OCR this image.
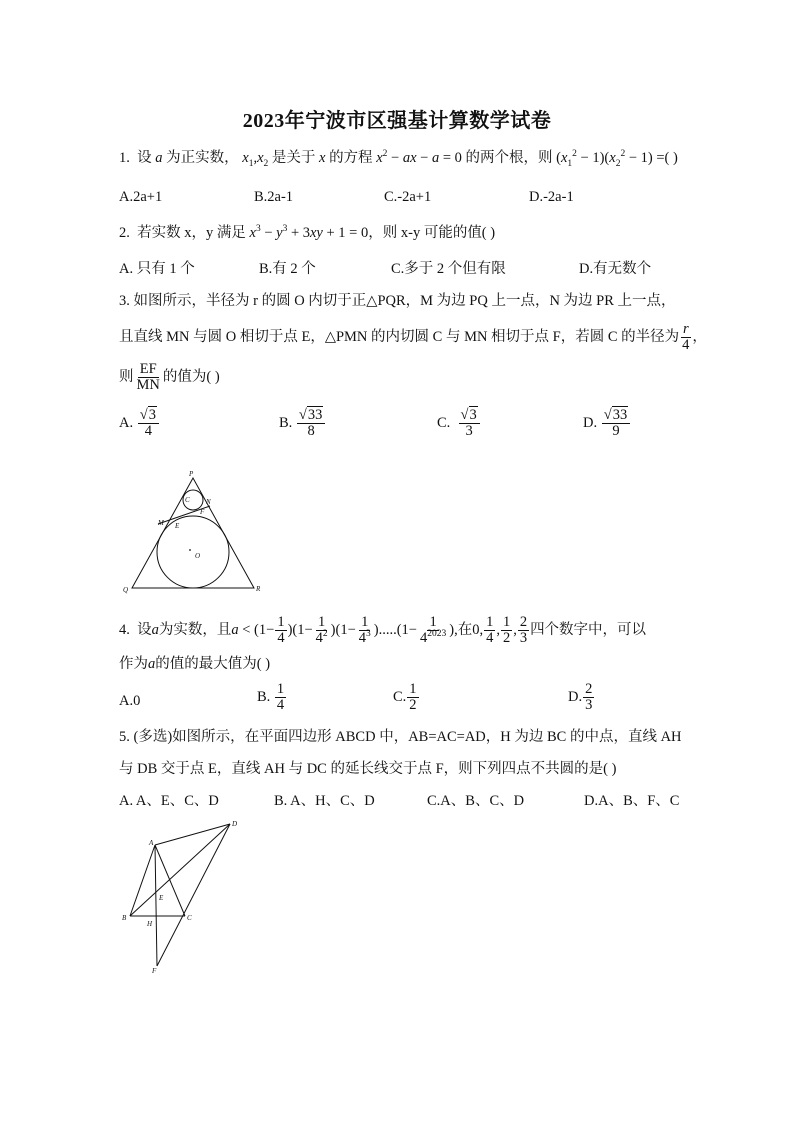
2023年宁波市区强基计算数学试卷
1. 设 a 为正实数， $x_1,x_2$ 是关于 x 的方程 $x^2$ − ax − a = 0 的两个根，则 $(x_1^2 - 1)(x_2^2 - 1)$ =( )
A.2a+1	B.2a-1	C.-2a+1	D.-2a-1
2. 若实数 x，y 满足 $x^3 - y^3 + 3xy + 1 = 0$，则 x-y 可能的值( )
A. 只有 1 个	B.有 2 个	C.多于 2 个但有限	D.有无数个
3. 如图所示，半径为 r 的圆 O 内切于正△PQR，M 为边 PQ 上一点，N 为边 PR 上一点，
且直线 MN 与圆 O 相切于点 E，△PMN 的内切圆 C 与 MN 相切于点 F，若圆 C 的半径为 $\frac{r}{4}$ ，
则 $\frac{EF}{MN}$ 的值为( )
A. $\frac{√3}{4}$	B. $\frac{√33}{8}$	C. $\frac{√3}{3}$	D. $\frac{√33}{9}$
P
C N
M E
F
O
Q	R
4. 设a为实数，且$a < (1- \frac{1}{4} )(1- \frac{1}{4^2} )(1- \frac{1}{4^3} ).....(1- \frac{1}{4^{2023}}$ ),在0, $\frac{1}{4}$ , $\frac{1}{2}$ , $\frac{2}{3}$ 四个数字中，可以
作为a的值的最大值为( )
A.0	B. $\frac{1}{4}$	C. $\frac{1}{2}$	D. $\frac{2}{3}$
5. (多选)如图所示，在平面四边形 ABCD 中，AB=AC=AD，H 为边 BC 的中点，直线 AH
与 DB 交于点 E，直线 AH 与 DC 的延长线交于点 F，则下列四点不共圆的是( )
A. A、E、C、D	B. A、H、C、D	C.A、B、C、D	D.A、B、F、C
A
B	C
D
E
F
H
